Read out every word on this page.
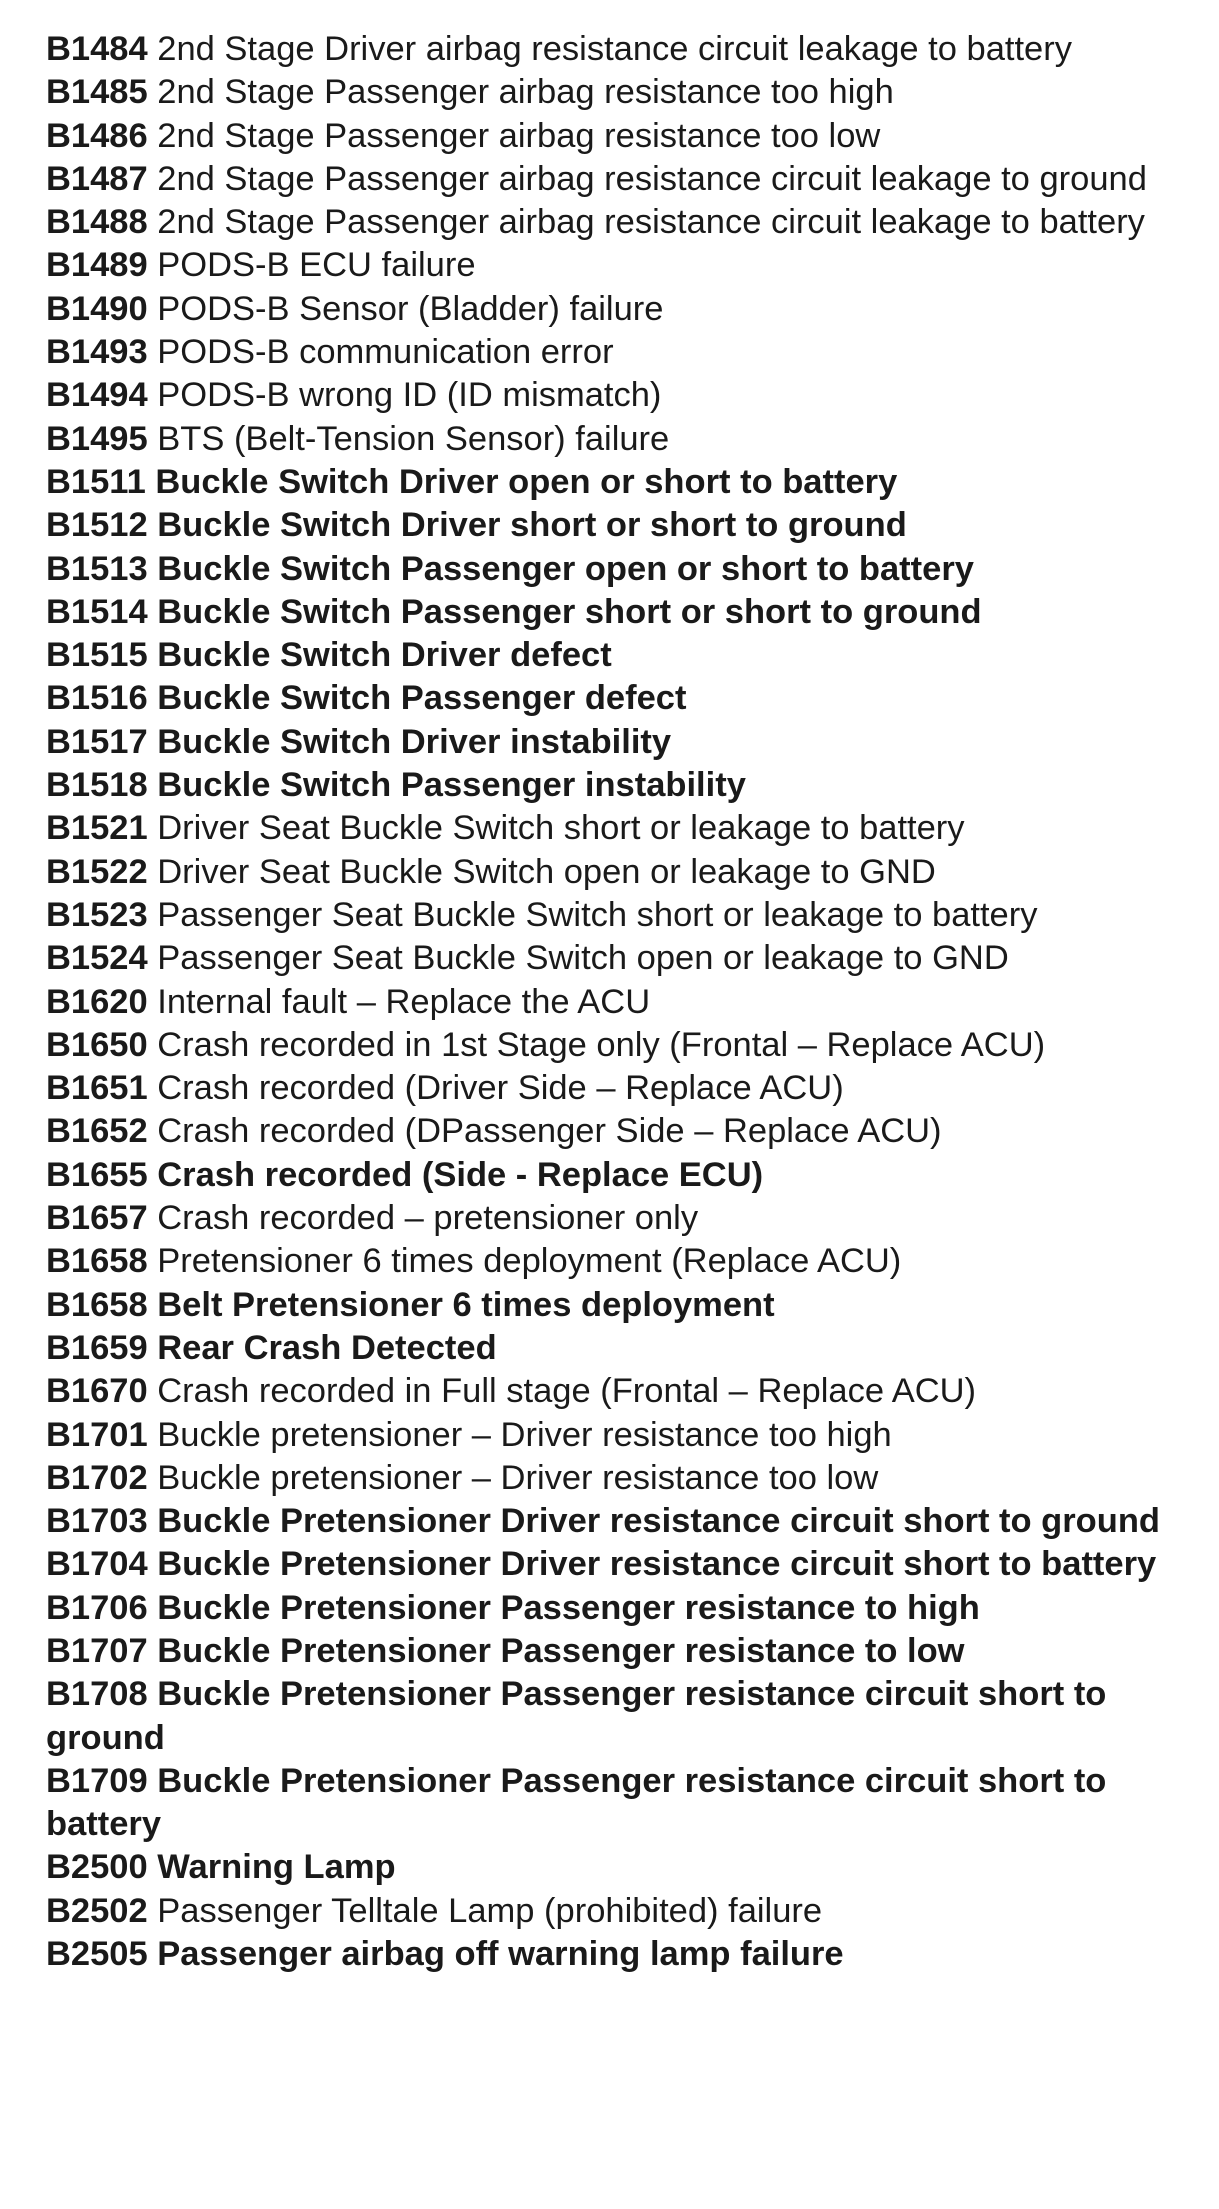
B1484 2nd Stage Driver airbag resistance circuit leakage to battery

B1485 2nd Stage Passenger airbag resistance too high

B1486 2nd Stage Passenger airbag resistance too low

B1487 2nd Stage Passenger airbag resistance circuit leakage to ground

B1488 2nd Stage Passenger airbag resistance circuit leakage to battery

B1489 PODS-B ECU failure

B1490 PODS-B Sensor (Bladder) failure

B1493 PODS-B communication error

B1494 PODS-B wrong ID (ID mismatch)

B1495 BTS (Belt-Tension Sensor) failure

B1511 Buckle Switch Driver open or short to battery

B1512 Buckle Switch Driver short or short to ground

B1513 Buckle Switch Passenger open or short to battery

B1514 Buckle Switch Passenger short or short to ground

B1515 Buckle Switch Driver defect

B1516 Buckle Switch Passenger defect

B1517 Buckle Switch Driver instability

B1518 Buckle Switch Passenger instability

B1521 Driver Seat Buckle Switch short or leakage to battery

B1522 Driver Seat Buckle Switch open or leakage to GND

B1523 Passenger Seat Buckle Switch short or leakage to battery

B1524 Passenger Seat Buckle Switch open or leakage to GND

B1620 Internal fault – Replace the ACU

B1650 Crash recorded in 1st Stage only (Frontal – Replace ACU)

B1651 Crash recorded (Driver Side – Replace ACU)

B1652 Crash recorded (DPassenger Side – Replace ACU)

B1655 Crash recorded (Side - Replace ECU)

B1657 Crash recorded – pretensioner only

B1658 Pretensioner 6 times deployment (Replace ACU)

B1658 Belt Pretensioner 6 times deployment

B1659 Rear Crash Detected

B1670 Crash recorded in Full stage (Frontal – Replace ACU)

B1701 Buckle pretensioner – Driver resistance too high

B1702 Buckle pretensioner – Driver resistance too low

B1703 Buckle Pretensioner Driver resistance circuit short to ground

B1704 Buckle Pretensioner Driver resistance circuit short to battery

B1706 Buckle Pretensioner Passenger resistance to high

B1707 Buckle Pretensioner Passenger resistance to low

B1708 Buckle Pretensioner Passenger resistance circuit short to ground

B1709 Buckle Pretensioner Passenger resistance circuit short to battery

B2500 Warning Lamp

B2502 Passenger Telltale Lamp (prohibited) failure

B2505 Passenger airbag off warning lamp failure
